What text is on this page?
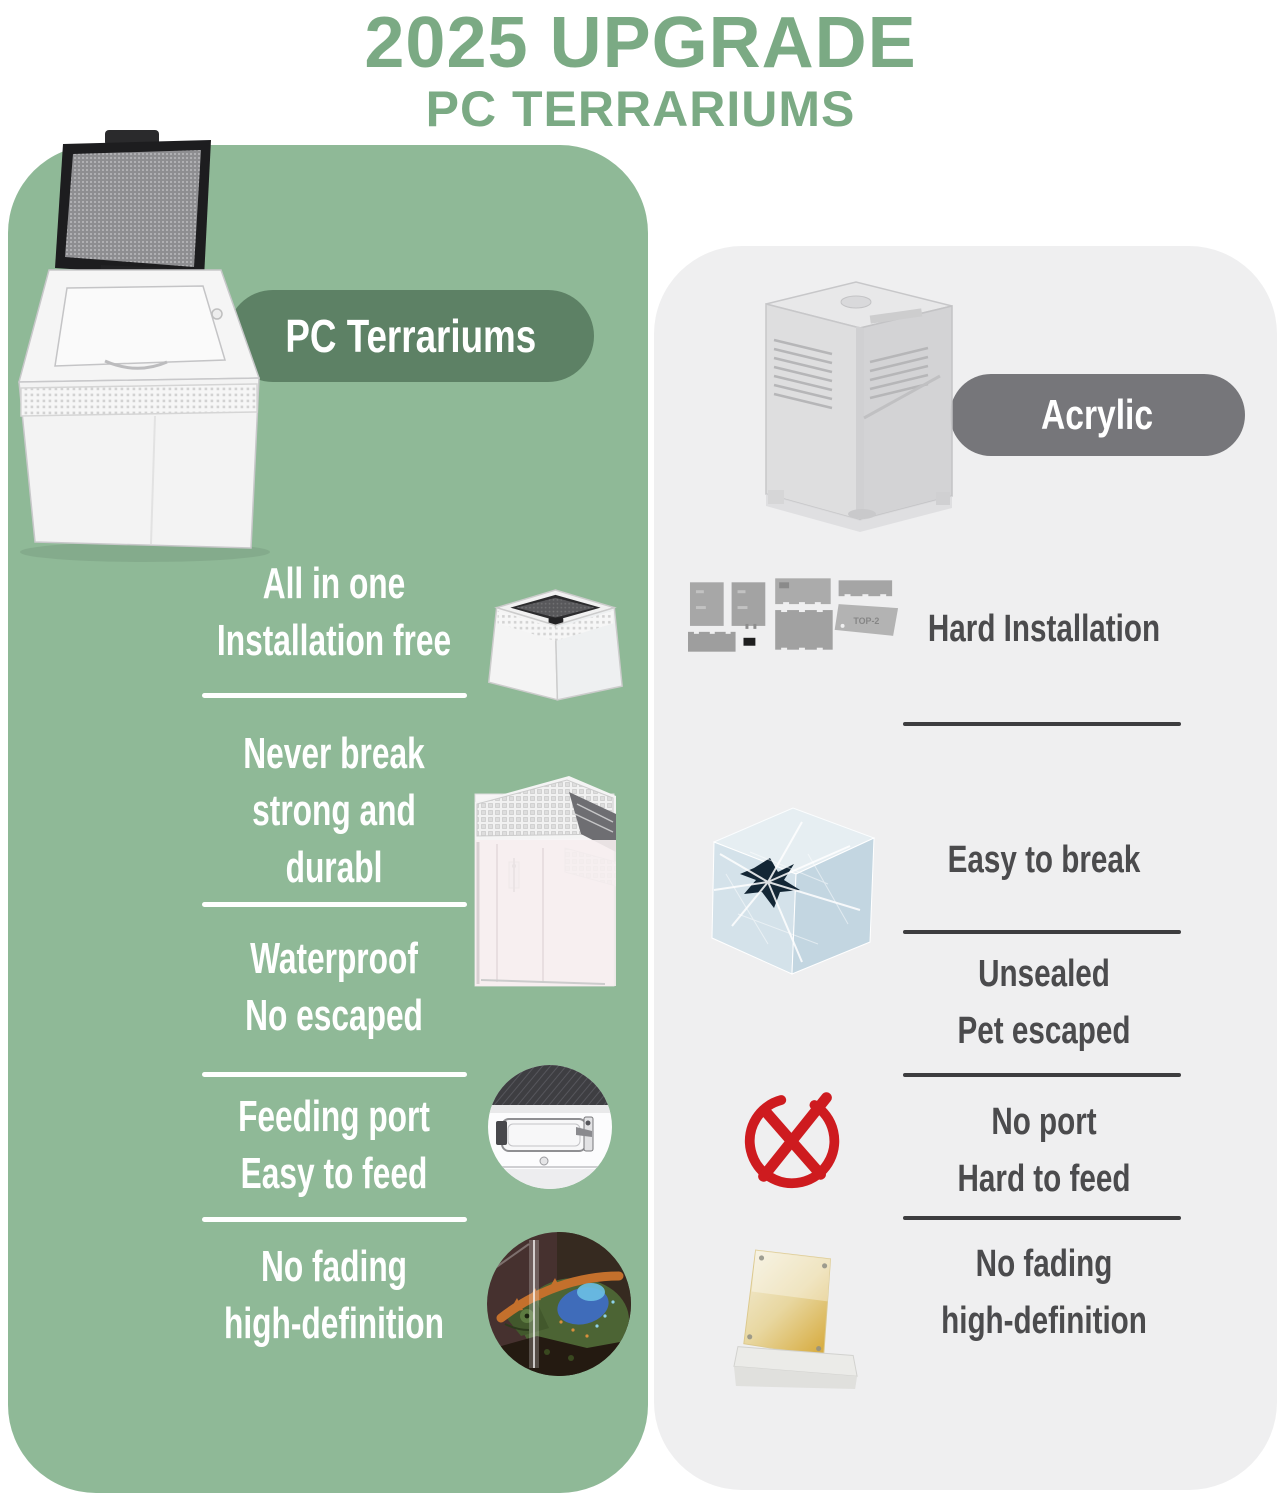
2025 UPGRADE
PC TERRARIUMS
PC Terrariums
Acrylic
All in one
Installation free
Never break
strong and
durabl
Waterproof
No escaped
Feeding port
Easy to feed
No fading
high-definition
Hard Installation
Easy to break
Unsealed
Pet escaped
No port
Hard to feed
No fading
high-definition
TOP-2
